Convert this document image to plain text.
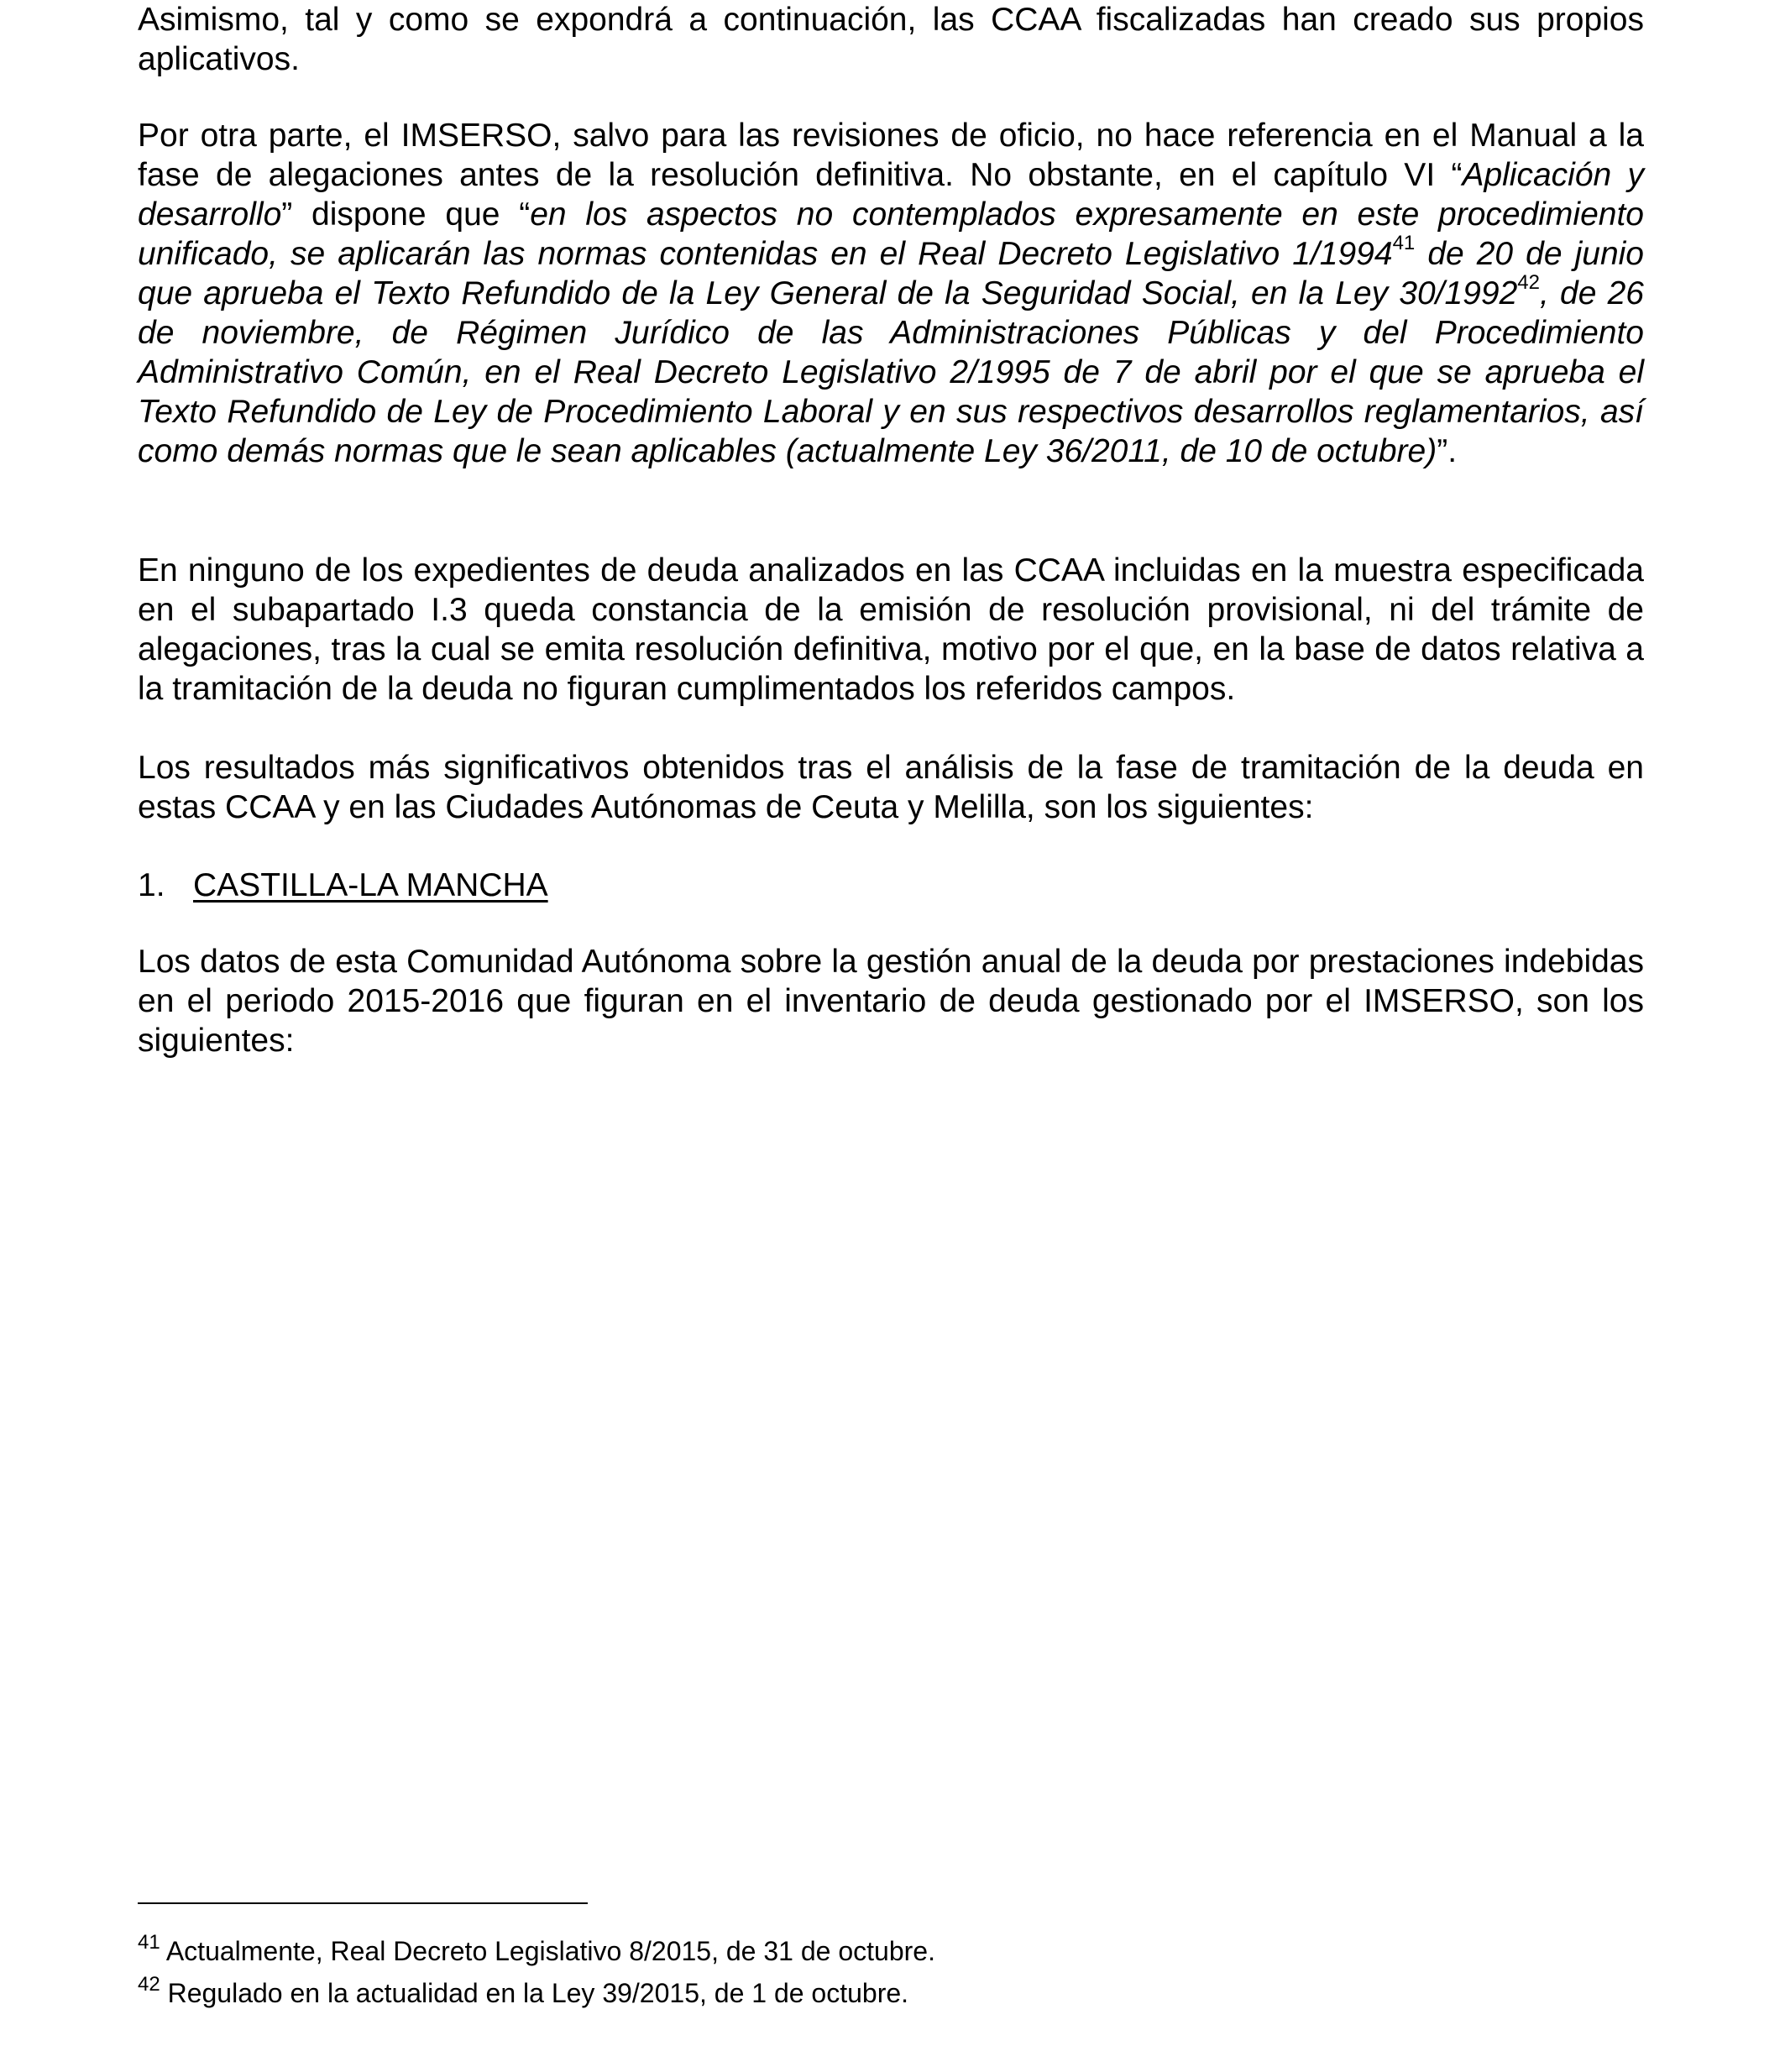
Asimismo, tal y como se expondrá a continuación, las CCAA fiscalizadas han creado sus propios aplicativos.

Por otra parte, el IMSERSO, salvo para las revisiones de oficio, no hace referencia en el Manual a la fase de alegaciones antes de la resolución definitiva. No obstante, en el capítulo VI “Aplicación y desarrollo” dispone que “en los aspectos no contemplados expresamente en este procedimiento unificado, se aplicarán las normas contenidas en el Real Decreto Legislativo 1/1994$^{41}$ de 20 de junio que aprueba el Texto Refundido de la Ley General de la Seguridad Social, en la Ley 30/1992$^{42}$, de 26 de noviembre, de Régimen Jurídico de las Administraciones Públicas y del Procedimiento Administrativo Común, en el Real Decreto Legislativo 2/1995 de 7 de abril por el que se aprueba el Texto Refundido de Ley de Procedimiento Laboral y en sus respectivos desarrollos reglamentarios, así como demás normas que le sean aplicables (actualmente Ley 36/2011, de 10 de octubre)”.

En ninguno de los expedientes de deuda analizados en las CCAA incluidas en la muestra especificada en el subapartado I.3 queda constancia de la emisión de resolución provisional, ni del trámite de alegaciones, tras la cual se emita resolución definitiva, motivo por el que, en la base de datos relativa a la tramitación de la deuda no figuran cumplimentados los referidos campos.

Los resultados más significativos obtenidos tras el análisis de la fase de tramitación de la deuda en estas CCAA y en las Ciudades Autónomas de Ceuta y Melilla, son los siguientes:

1. CASTILLA-LA MANCHA

Los datos de esta Comunidad Autónoma sobre la gestión anual de la deuda por prestaciones indebidas en el periodo 2015-2016 que figuran en el inventario de deuda gestionado por el IMSERSO, son los siguientes:

$^{41}$ Actualmente, Real Decreto Legislativo 8/2015, de 31 de octubre.
$^{42}$ Regulado en la actualidad en la Ley 39/2015, de 1 de octubre.
